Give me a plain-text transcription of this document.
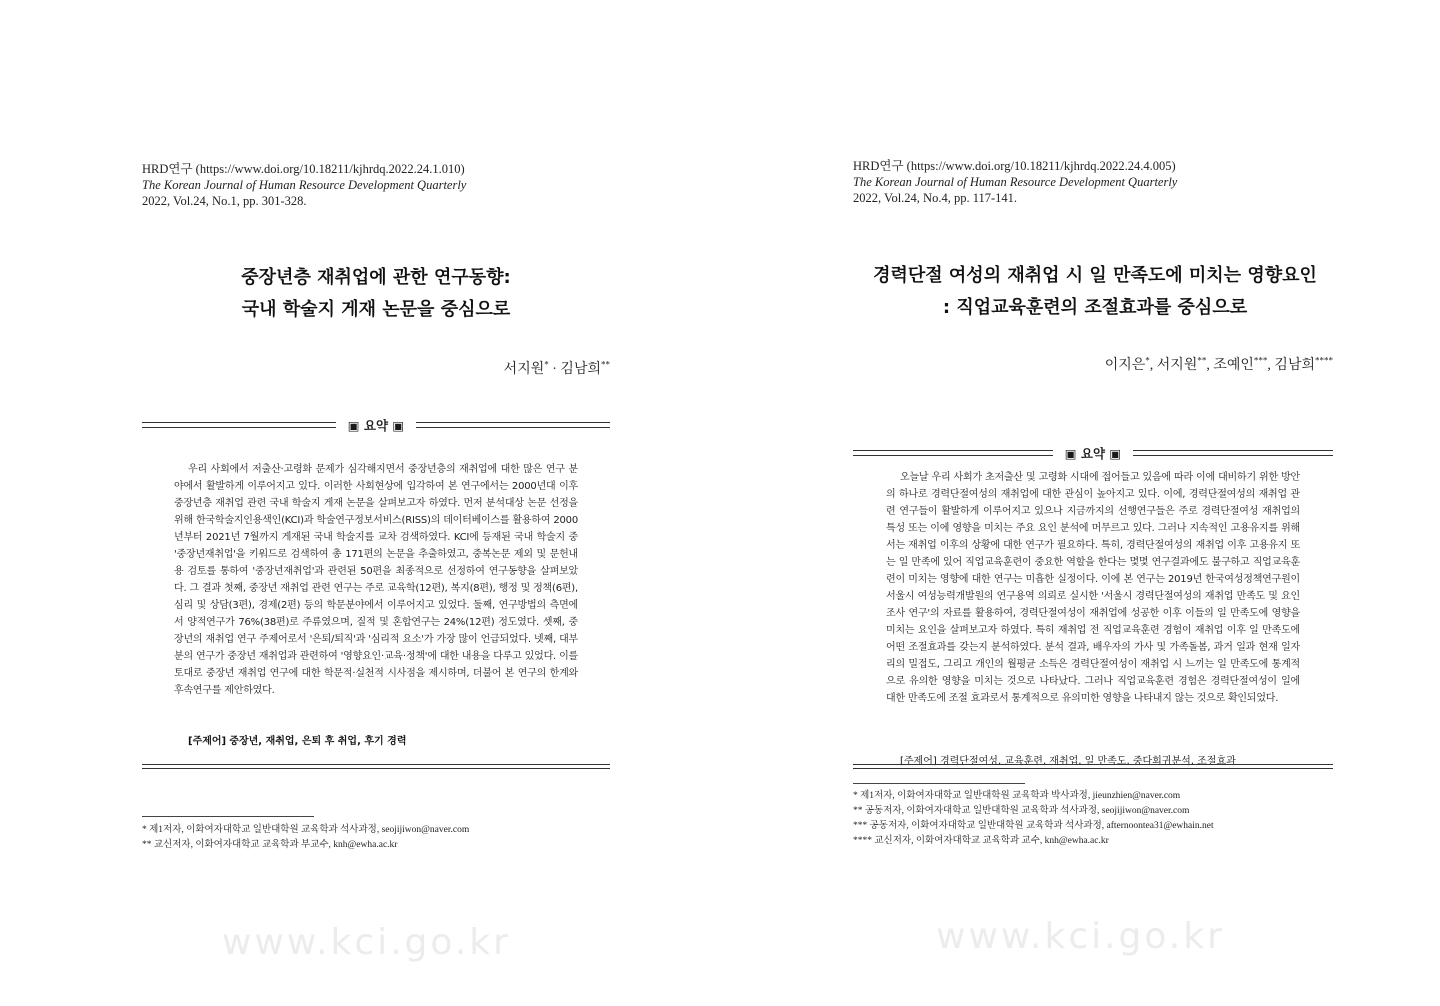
HRD연구 (https://www.doi.org/10.18211/kjhrdq.2022.24.1.010)
The Korean Journal of Human Resource Development Quarterly
2022, Vol.24, No.1, pp. 301-328.
중장년층 재취업에 관한 연구동향:
국내 학술지 게재 논문을 중심으로
서지원* · 김남희**
▣ 요약 ▣
우리 사회에서 저출산·고령화 문제가 심각해지면서 중장년층의 재취업에 대한 많은 연구 분야에서 활발하게 이루어지고 있다. 이러한 사회현상에 입각하여 본 연구에서는 2000년대 이후 중장년층 재취업 관련 국내 학술지 게재 논문을 살펴보고자 하였다. 먼저 분석대상 논문 선정을 위해 한국학술지인용색인(KCI)과 학술연구정보서비스(RISS)의 데이터베이스를 활용하여 2000년부터 2021년 7월까지 게재된 국내 학술지를 교차 검색하였다. KCI에 등재된 국내 학술지 중 '중장년재취업'을 키워드로 검색하여 총 171편의 논문을 추출하였고, 중복논문 제외 및 문헌내용 검토를 통하여 '중장년재취업'과 관련된 50편을 최종적으로 선정하여 연구동향을 살펴보았다. 그 결과 첫째, 중장년 재취업 관련 연구는 주로 교육학(12편), 복지(8편), 행정 및 정책(6편), 심리 및 상담(3편), 경제(2편) 등의 학문분야에서 이루어지고 있었다. 둘째, 연구방법의 측면에서 양적연구가 76%(38편)로 주류였으며, 질적 및 혼합연구는 24%(12편) 정도였다. 셋째, 중장년의 재취업 연구 주제어로서 '은퇴/퇴직'과 '심리적 요소'가 가장 많이 언급되었다. 넷째, 대부분의 연구가 중장년 재취업과 관련하여 '영향요인·교육·정책'에 대한 내용을 다루고 있었다. 이를 토대로 중장년 재취업 연구에 대한 학문적·실천적 시사점을 제시하며, 더불어 본 연구의 한계와 후속연구를 제안하였다.
[주제어] 중장년, 재취업, 은퇴 후 취업, 후기 경력
* 제1저자, 이화여자대학교 일반대학원 교육학과 석사과정, seojijiwon@naver.com
** 교신저자, 이화여자대학교 교육학과 부교수, knh@ewha.ac.kr
www.kci.go.kr
HRD연구 (https://www.doi.org/10.18211/kjhrdq.2022.24.4.005)
The Korean Journal of Human Resource Development Quarterly
2022, Vol.24, No.4, pp. 117-141.
경력단절 여성의 재취업 시 일 만족도에 미치는 영향요인
: 직업교육훈련의 조절효과를 중심으로
이지은*, 서지원**, 조예인***, 김남희****
▣ 요약 ▣
오늘날 우리 사회가 초저출산 및 고령화 시대에 접어들고 있음에 따라 이에 대비하기 위한 방안의 하나로 경력단절여성의 재취업에 대한 관심이 높아지고 있다. 이에, 경력단절여성의 재취업 관련 연구들이 활발하게 이루어지고 있으나 지금까지의 선행연구들은 주로 경력단절여성 재취업의 특성 또는 이에 영향을 미치는 주요 요인 분석에 머무르고 있다. 그러나 지속적인 고용유지를 위해서는 재취업 이후의 상황에 대한 연구가 필요하다. 특히, 경력단절여성의 재취업 이후 고용유지 또는 일 만족에 있어 직업교육훈련이 중요한 역할을 한다는 몇몇 연구결과에도 불구하고 직업교육훈련이 미치는 영향에 대한 연구는 미흡한 실정이다. 이에 본 연구는 2019년 한국여성정책연구원이 서울시 여성능력개발원의 연구용역 의뢰로 실시한 '서울시 경력단절여성의 재취업 만족도 및 요인조사 연구'의 자료를 활용하여, 경력단절여성이 재취업에 성공한 이후 이들의 일 만족도에 영향을 미치는 요인을 살펴보고자 하였다. 특히 재취업 전 직업교육훈련 경험이 재취업 이후 일 만족도에 어떤 조절효과를 갖는지 분석하였다. 분석 결과, 배우자의 가사 및 가족돌봄, 과거 일과 현재 일자리의 밀접도, 그리고 개인의 월평균 소득은 경력단절여성이 재취업 시 느끼는 일 만족도에 통계적으로 유의한 영향을 미치는 것으로 나타났다. 그러나 직업교육훈련 경험은 경력단절여성이 일에 대한 만족도에 조절 효과로서 통계적으로 유의미한 영향을 나타내지 않는 것으로 확인되었다.
[주제어] 경력단절여성, 교육훈련, 재취업, 일 만족도, 중다회귀분석, 조절효과
* 제1저자, 이화여자대학교 일반대학원 교육학과 박사과정, jieunzhien@naver.com
** 공동저자, 이화여자대학교 일반대학원 교육학과 석사과정, seojijiwon@naver.com
*** 공동저자, 이화여자대학교 일반대학원 교육학과 석사과정, afternoontea31@ewhain.net
**** 교신저자, 이화여자대학교 교육학과 교수, knh@ewha.ac.kr
www.kci.go.kr
